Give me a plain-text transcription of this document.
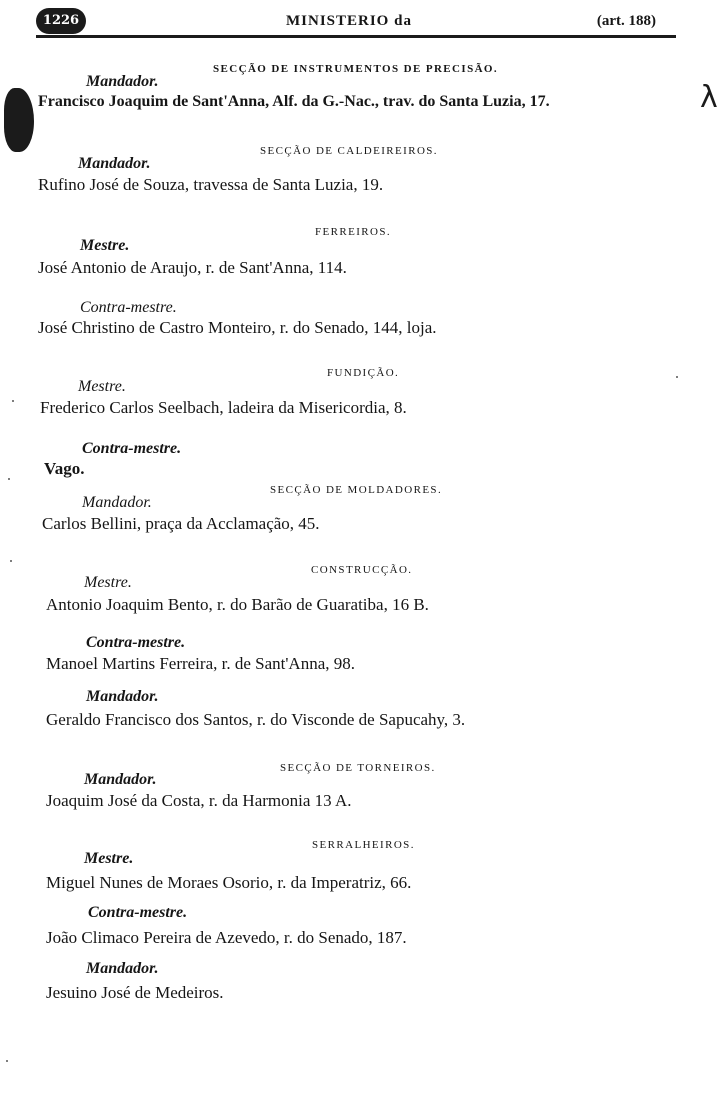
1226	MINISTERIO da	(art. 188)
λ
SECÇÃO DE INSTRUMENTOS DE PRECISÃO.
Mandador.
Francisco Joaquim de Sant'Anna, Alf. da G.-Nac., trav. do Santa Luzia, 17.
SECÇÃO DE CALDEIREIROS.
Mandador.
Rufino José de Souza, travessa de Santa Luzia, 19.
FERREIROS.
Mestre.
José Antonio de Araujo, r. de Sant'Anna, 114.
Contra-mestre.
José Christino de Castro Monteiro, r. do Senado, 144, loja.
FUNDIÇÃO.
Mestre.
Frederico Carlos Seelbach, ladeira da Misericordia, 8.
Contra-mestre.
Vago.
SECÇÃO DE MOLDADORES.
Mandador.
Carlos Bellini, praça da Acclamação, 45.
CONSTRUCÇÃO.
Mestre.
Antonio Joaquim Bento, r. do Barão de Guaratiba, 16 B.
Contra-mestre.
Manoel Martins Ferreira, r. de Sant'Anna, 98.
Mandador.
Geraldo Francisco dos Santos, r. do Visconde de Sapucahy, 3.
SECÇÃO DE TORNEIROS.
Mandador.
Joaquim José da Costa, r. da Harmonia 13 A.
SERRALHEIROS.
Mestre.
Miguel Nunes de Moraes Osorio, r. da Imperatriz, 66.
Contra-mestre.
João Climaco Pereira de Azevedo, r. do Senado, 187.
Mandador.
Jesuino José de Medeiros.
